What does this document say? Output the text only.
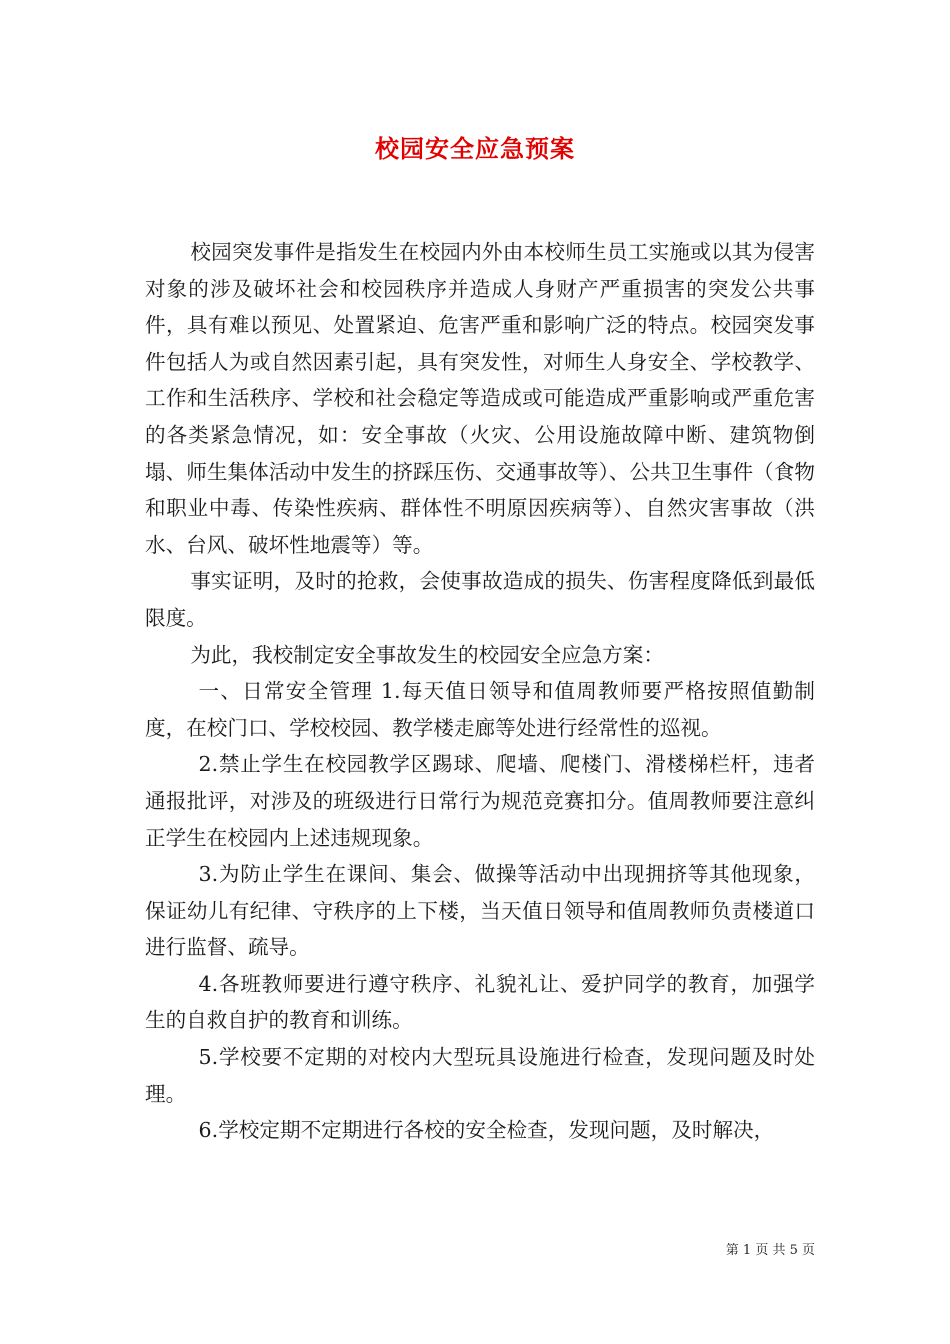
校园安全应急预案

校园突发事件是指发生在校园内外由本校师生员工实施或以其为侵害对象的涉及破坏社会和校园秩序并造成人身财产严重损害的突发公共事件，具有难以预见、处置紧迫、危害严重和影响广泛的特点。校园突发事件包括人为或自然因素引起，具有突发性，对师生人身安全、学校教学、工作和生活秩序、学校和社会稳定等造成或可能造成严重影响或严重危害的各类紧急情况，如：安全事故（火灾、公用设施故障中断、建筑物倒塌、师生集体活动中发生的挤踩压伤、交通事故等）、公共卫生事件（食物和职业中毒、传染性疾病、群体性不明原因疾病等）、自然灾害事故（洪水、台风、破坏性地震等）等。

事实证明，及时的抢救，会使事故造成的损失、伤害程度降低到最低限度。

为此，我校制定安全事故发生的校园安全应急方案：

一、日常安全管理 1.每天值日领导和值周教师要严格按照值勤制度，在校门口、学校校园、教学楼走廊等处进行经常性的巡视。

2.禁止学生在校园教学区踢球、爬墙、爬楼门、滑楼梯栏杆，违者通报批评，对涉及的班级进行日常行为规范竞赛扣分。值周教师要注意纠正学生在校园内上述违规现象。

3.为防止学生在课间、集会、做操等活动中出现拥挤等其他现象，保证幼儿有纪律、守秩序的上下楼，当天值日领导和值周教师负责楼道口进行监督、疏导。

4.各班教师要进行遵守秩序、礼貌礼让、爱护同学的教育，加强学生的自救自护的教育和训练。

5.学校要不定期的对校内大型玩具设施进行检查，发现问题及时处理。

6.学校定期不定期进行各校的安全检查，发现问题，及时解决，

第 1 页 共 5 页
